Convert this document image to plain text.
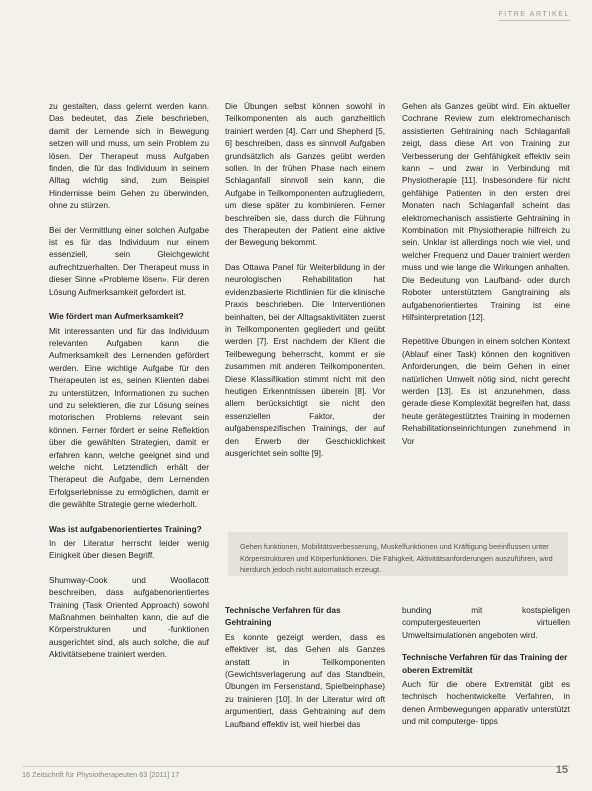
FITRE ARTIKEL

zu gestalten, dass gelernt werden kann. Das bedeutet, das Ziele beschrieben, damit der Lernende sich in Bewegung setzen will und muss, um sein Problem zu lösen. Der Therapeut muss Aufgaben finden, die für das Individuum in seinem Alltag wichtig sind, zum Beispiel Hindernisse beim Gehen zu überwinden, ohne zu stürzen.

Bei der Vermittlung einer solchen Aufgabe ist es für das Individuum nur einem essenziell, sein Gleichgewicht aufrechtzuerhalten. Der Therapeut muss in dieser Sinne «Probleme lösen». Für deren Lösung Aufmerksamkeit gefordert ist.

Wie fördert man Aufmerksamkeit?

Mit interessanten und für das Individuum relevanten Aufgaben kann die Aufmerksamkeit des Lernenden gefördert werden. Eine wichtige Aufgabe für den Therapeuten ist es, seinen Klienten dabei zu unterstützen, Informationen zu suchen und zu selektieren, die zur Lösung seines motorischen Problems relevant sein können. Ferner fördert er seine Reflektion über die gewählten Strategien, damit er erfahren kann, welche geeignet sind und welche nicht. Letztendlich erhält der Therapeut die Aufgabe, dem Lernenden Erfolgserlebnisse zu ermöglichen, damit er die gewählte Strategie gerne wiederholt.

Was ist aufgabenorientiertes Training?

In der Literatur herrscht leider wenig Einigkeit über diesen Begriff.

Shumway-Cook und Woollacott beschreiben, dass aufgabenorientiertes Training (Task Oriented Approach) sowohl Maßnahmen beinhalten kann, die auf die Körperstrukturen und -funktionen ausgerichtet sind, als auch solche, die auf Aktivitätsebene trainiert werden.

Die Übungen selbst können sowohl in Teilkomponenten als auch ganzheitlich trainiert werden [4]. Carr und Shepherd [5, 6] beschreiben, dass es sinnvoll Aufgaben grundsätzlich als Ganzes geübt werden sollen. In der frühen Phase nach einem Schlaganfall sinnvoll sein kann, die Aufgabe in Teilkomponenten aufzugliedern, um diese später zu kombinieren. Ferner beschreiben sie, dass durch die Führung des Therapeuten der Patient eine aktive der Bewegung bekommt.

Das Ottawa Panel für Weiterbildung in der neurologischen Rehabilitation hat evidenzbasierte Richtlinien für die klinische Praxis beschrieben. Die Interventionen beinhalten, bei der Alltagsaktivitäten zuerst in Teilkomponenten gegliedert und geübt werden [7]. Erst nachdem der Klient die Teilbewegung beherrscht, kommt er sie zusammen mit anderen Teilkomponenten. Diese Klassifikation stimmt nicht mit den heutigen Erkenntnissen überein [8]. Vor allem berücksichtigt sie nicht den essenziellen Faktor, der aufgabenspezifischen Trainings, der auf den Erwerb der Geschicklichkeit ausgerichtet sein sollte [9].

Gehen als Ganzes geübt wird. Ein aktueller Cochrane Review zum elektromechanisch assistierten Gehtraining nach Schlaganfall zeigt, dass diese Art von Training zur Verbesserung der Gehfähigkeit effektiv sein kann – und zwar in Verbindung mit Physiotherapie [11]. Insbesondere für nicht gehfähige Patienten in den ersten drei Monaten nach Schlaganfall scheint das elektromechanisch assistierte Gehtraining in Kombination mit Physiotherapie hilfreich zu sein. Unklar ist allerdings noch wie viel, und welcher Frequenz und Dauer trainiert werden muss und wie lange die Wirkungen anhalten. Die Bedeutung von Laufband- oder durch Roboter unterstütztem Gangtraining als aufgabenorientiertes Training ist eine Hilfsinterpretation [12].

Repetitive Übungen in einem solchen Kontext (Ablauf einer Task) können den kognitiven Anforderungen, die beim Gehen in einer natürlichen Umwelt nötig sind, nicht gerecht werden [13]. Es ist anzunehmen, dass gerade diese Komplexität begreifen hat, dass heute gerätegestütztes Training in modernen Rehabilitationseinrichtungen zunehmend in Vor

Gehen funktionen, Mobilitätsverbesserung, Muskelfunktionen und Kräftigung beeinflussen unter Körperstrukturen und Körperfunktionen. Die Fähigkeit, Aktivitätsanforderungen auszuführen, wird hierdurch jedoch nicht automatisch erzeugt.
Technische Verfahren für das Gehtraining

Es konnte gezeigt werden, dass es effektiver ist, das Gehen als Ganzes anstatt in Teilkomponenten (Gewichtsverlagerung auf das Standbein, Übungen im Fersenstand, Spielbeinphase) zu trainieren [10]. In der Literatur wird oft argumentiert, dass Gehtraining auf dem Laufband effektiv ist, weil hierbei das

bunding mit kostspieligen computergesteuerten virtuellen Umweltsimulationen angeboten wird.

Technische Verfahren für das Training der oberen Extremität

Auch für die obere Extremität gibt es technisch hochentwickelte Verfahren, in denen Armbewegungen apparativ unterstützt und mit computerge- tipps

16 Zeitschrift für Physiotherapeuten 63 [2011] 17	15
